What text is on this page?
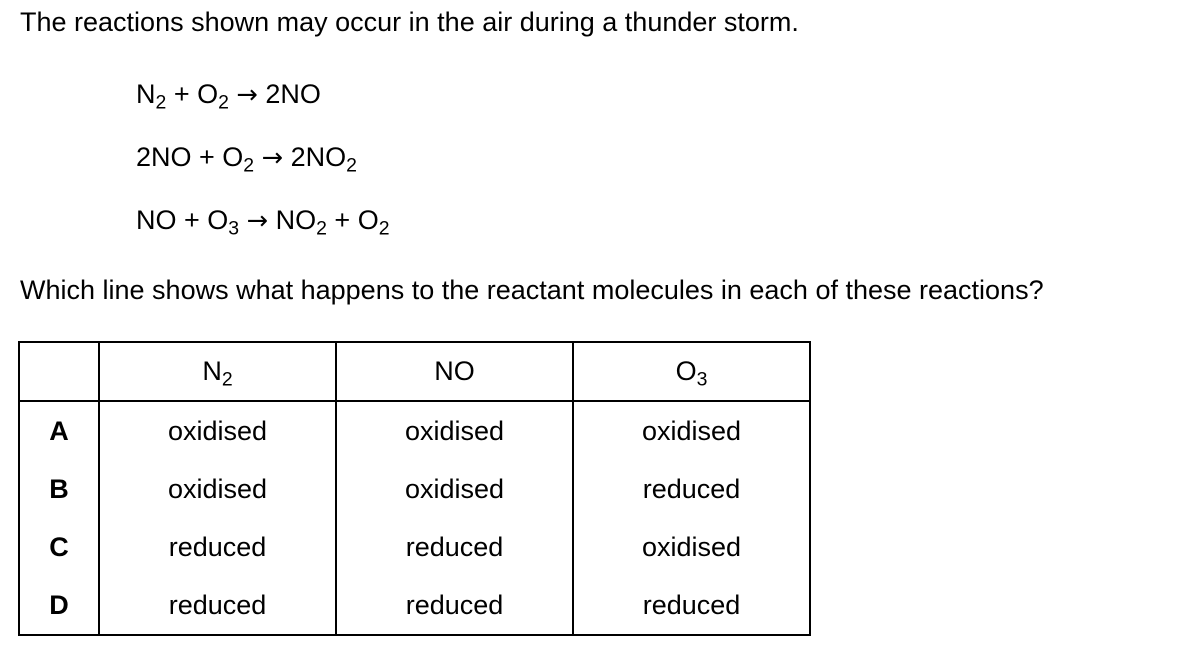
The reactions shown may occur in the air during a thunder storm.
$N_2 + O_2 \to 2NO$
$2NO + O_2 \to 2NO_2$
NO + $O_3 \to NO_2 + O_2$
Which line shows what happens to the reactant molecules in each of these reactions?
	$N_2$	NO	$O_3$
A	oxidised	oxidised	oxidised
B	oxidised	oxidised	reduced
C	reduced	reduced	oxidised
D	reduced	reduced	reduced
